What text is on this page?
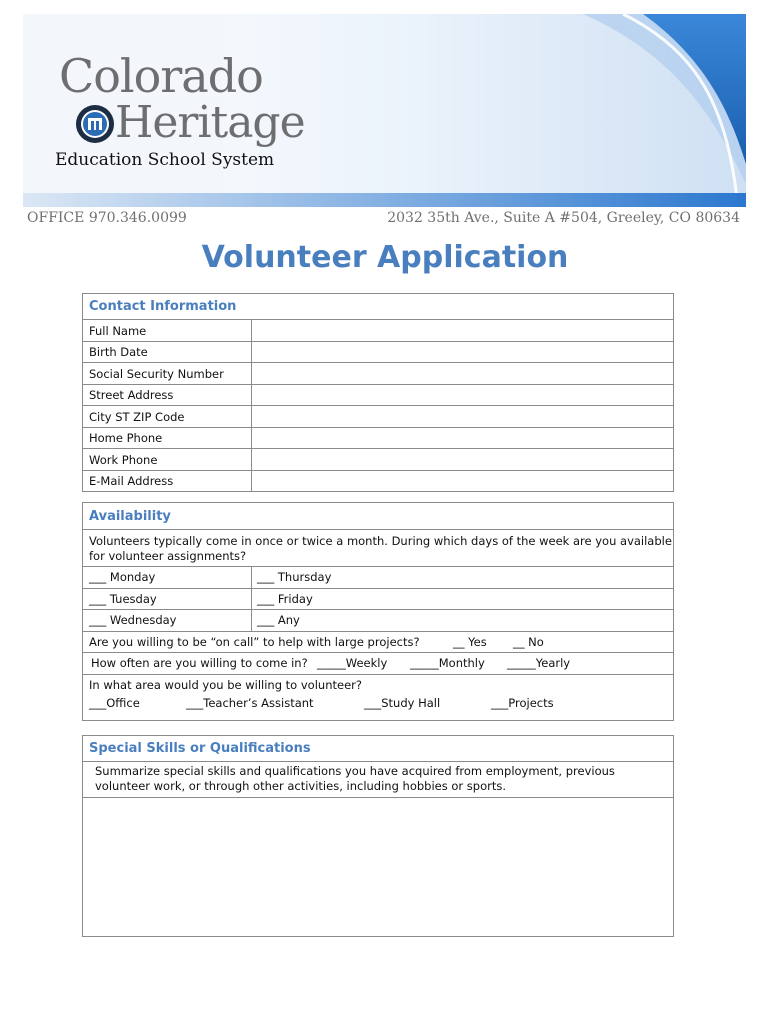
Colorado
Heritage
Education School System
OFFICE 970.346.0099	2032 35th Ave., Suite A #504, Greeley, CO 80634
Volunteer Application
Contact Information
Full Name
Birth Date
Social Security Number
Street Address
City ST ZIP Code
Home Phone
Work Phone
E-Mail Address
Availability
Volunteers typically come in once or twice a month. During which days of the week are you available
for volunteer assignments?
___ Monday	___ Thursday
___ Tuesday	___ Friday
___ Wednesday	___ Any
Are you willing to be “on call” to help with large projects?	__ Yes __ No
How often are you willing to come in? _____Weekly _____Monthly _____Yearly
In what area would you be willing to volunteer?
___Office	___Teacher’s Assistant	___Study Hall	___Projects
Special Skills or Qualifications
Summarize special skills and qualifications you have acquired from employment, previous
volunteer work, or through other activities, including hobbies or sports.
